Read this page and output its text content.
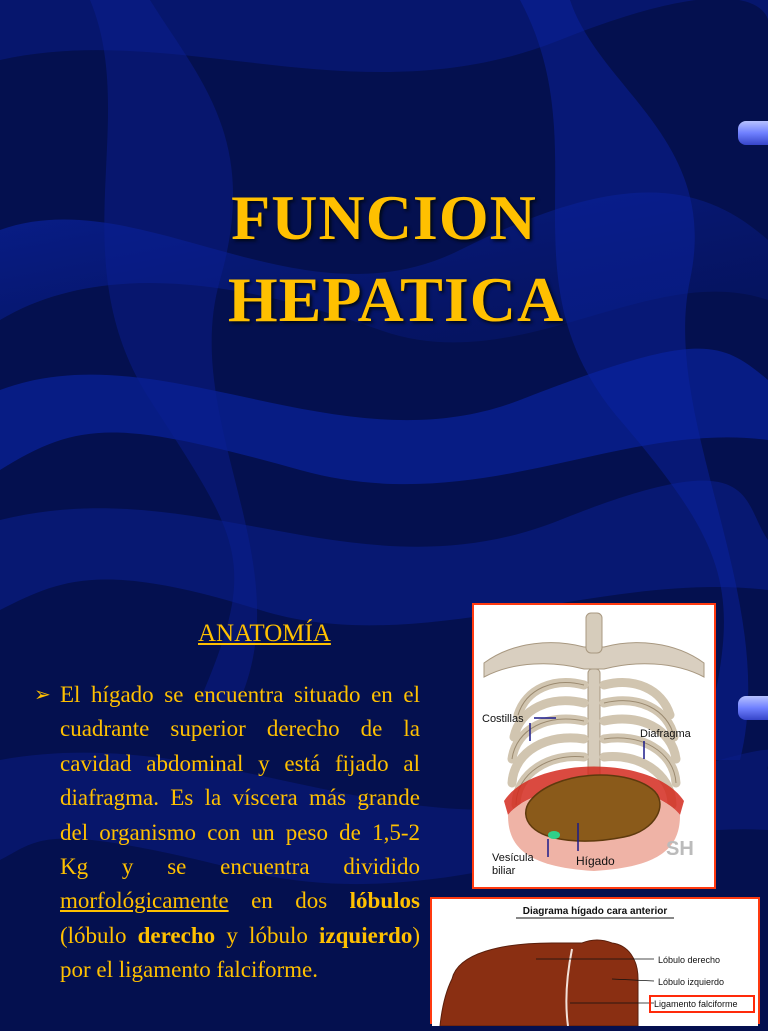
FUNCION
HEPATICA
ANATOMÍA
➢ El hígado se encuentra situado en el cuadrante superior derecho de la cavidad abdominal y está fijado al diafragma. Es la víscera más grande del organismo con un peso de 1,5-2 Kg y se encuentra dividido morfológicamente en dos lóbulos (lóbulo derecho y lóbulo izquierdo) por el ligamento falciforme.
Costillas
Diafragma
Vesícula
biliar
Hígado
SH
Diagrama hígado cara anterior
Lóbulo derecho
Lóbulo izquierdo
Ligamento falciforme
